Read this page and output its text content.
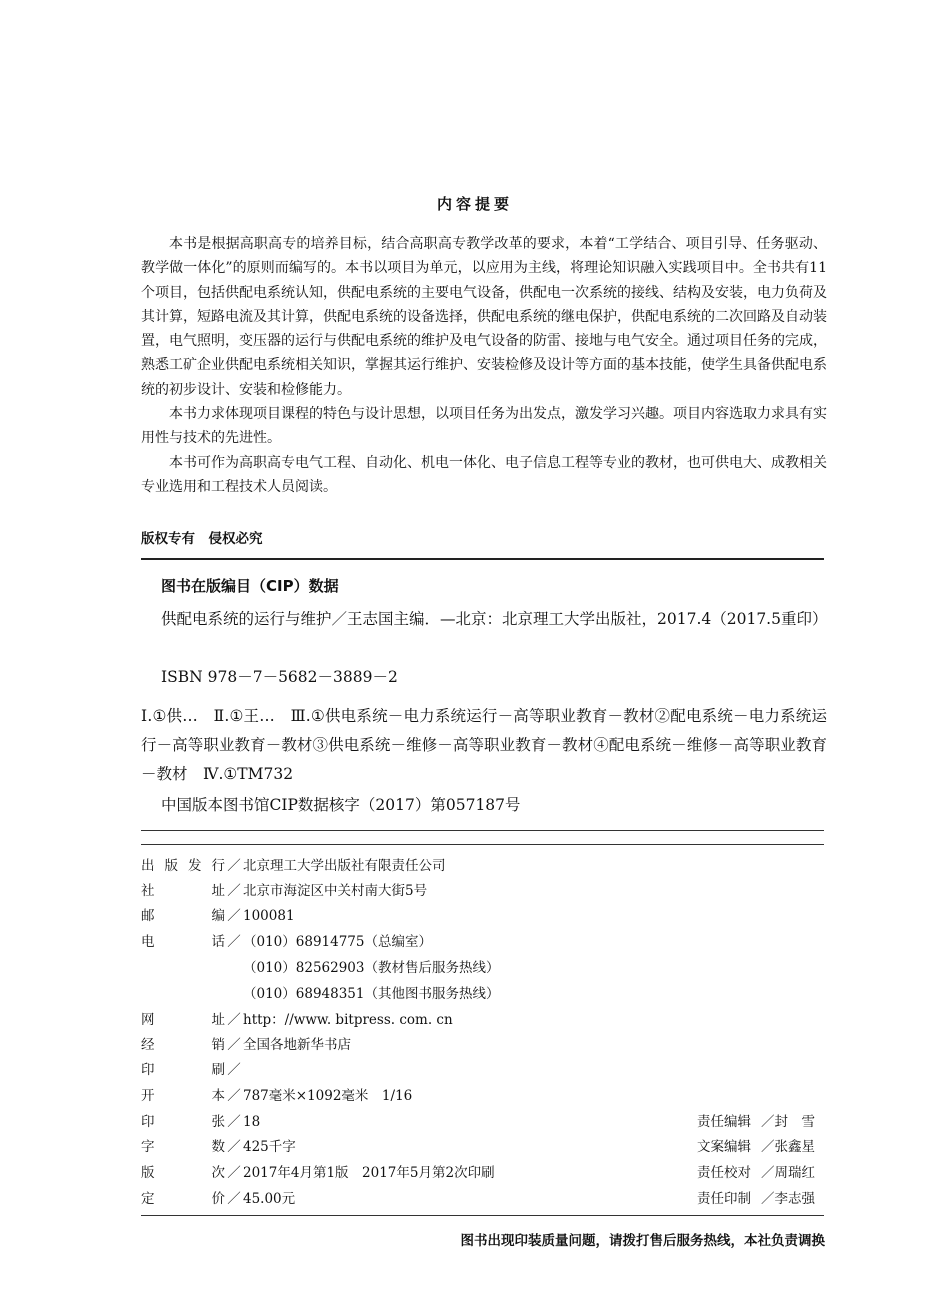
内容提要

本书是根据高职高专的培养目标，结合高职高专教学改革的要求，本着“工学结合、项目引导、任务驱动、教学做一体化”的原则而编写的。本书以项目为单元，以应用为主线，将理论知识融入实践项目中。全书共有11个项目，包括供配电系统认知，供配电系统的主要电气设备，供配电一次系统的接线、结构及安装，电力负荷及其计算，短路电流及其计算，供配电系统的设备选择，供配电系统的继电保护，供配电系统的二次回路及自动装置，电气照明，变压器的运行与供配电系统的维护及电气设备的防雷、接地与电气安全。通过项目任务的完成，熟悉工矿企业供配电系统相关知识，掌握其运行维护、安装检修及设计等方面的基本技能，使学生具备供配电系统的初步设计、安装和检修能力。

本书力求体现项目课程的特色与设计思想，以项目任务为出发点，激发学习兴趣。项目内容选取力求具有实用性与技术的先进性。

本书可作为高职高专电气工程、自动化、机电一体化、电子信息工程等专业的教材，也可供电大、成教相关专业选用和工程技术人员阅读。

版权专有　侵权必究
图书在版编目（CIP）数据

供配电系统的运行与维护／王志国主编．—北京：北京理工大学出版社，2017.4（2017.5重印）

ISBN 978－7－5682－3889－2

Ⅰ.①供…　Ⅱ.①王…　Ⅲ.①供电系统－电力系统运行－高等职业教育－教材②配电系统－电力系统运行－高等职业教育－教材③供电系统－维修－高等职业教育－教材④配电系统－维修－高等职业教育－教材　Ⅳ.①TM732

中国版本图书馆CIP数据核字（2017）第057187号

出版发行 ／ 北京理工大学出版社有限责任公司
社址 ／ 北京市海淀区中关村南大街5号
邮编 ／ 100081
电话 ／ （010）68914775（总编室）
（010）82562903（教材售后服务热线）
（010）68948351（其他图书服务热线）
网址 ／ http：//www. bitpress. com. cn
经销 ／ 全国各地新华书店
印刷 ／
开本 ／ 787毫米×1092毫米　1/16
印张 ／ 18
字数 ／ 425千字
版次 ／ 2017年4月第1版　2017年5月第2次印刷
定价 ／ 45.00元
责任编辑 ／封　雪
文案编辑 ／张鑫星
责任校对 ／周瑞红
责任印制 ／李志强
图书出现印装质量问题，请拨打售后服务热线，本社负责调换
